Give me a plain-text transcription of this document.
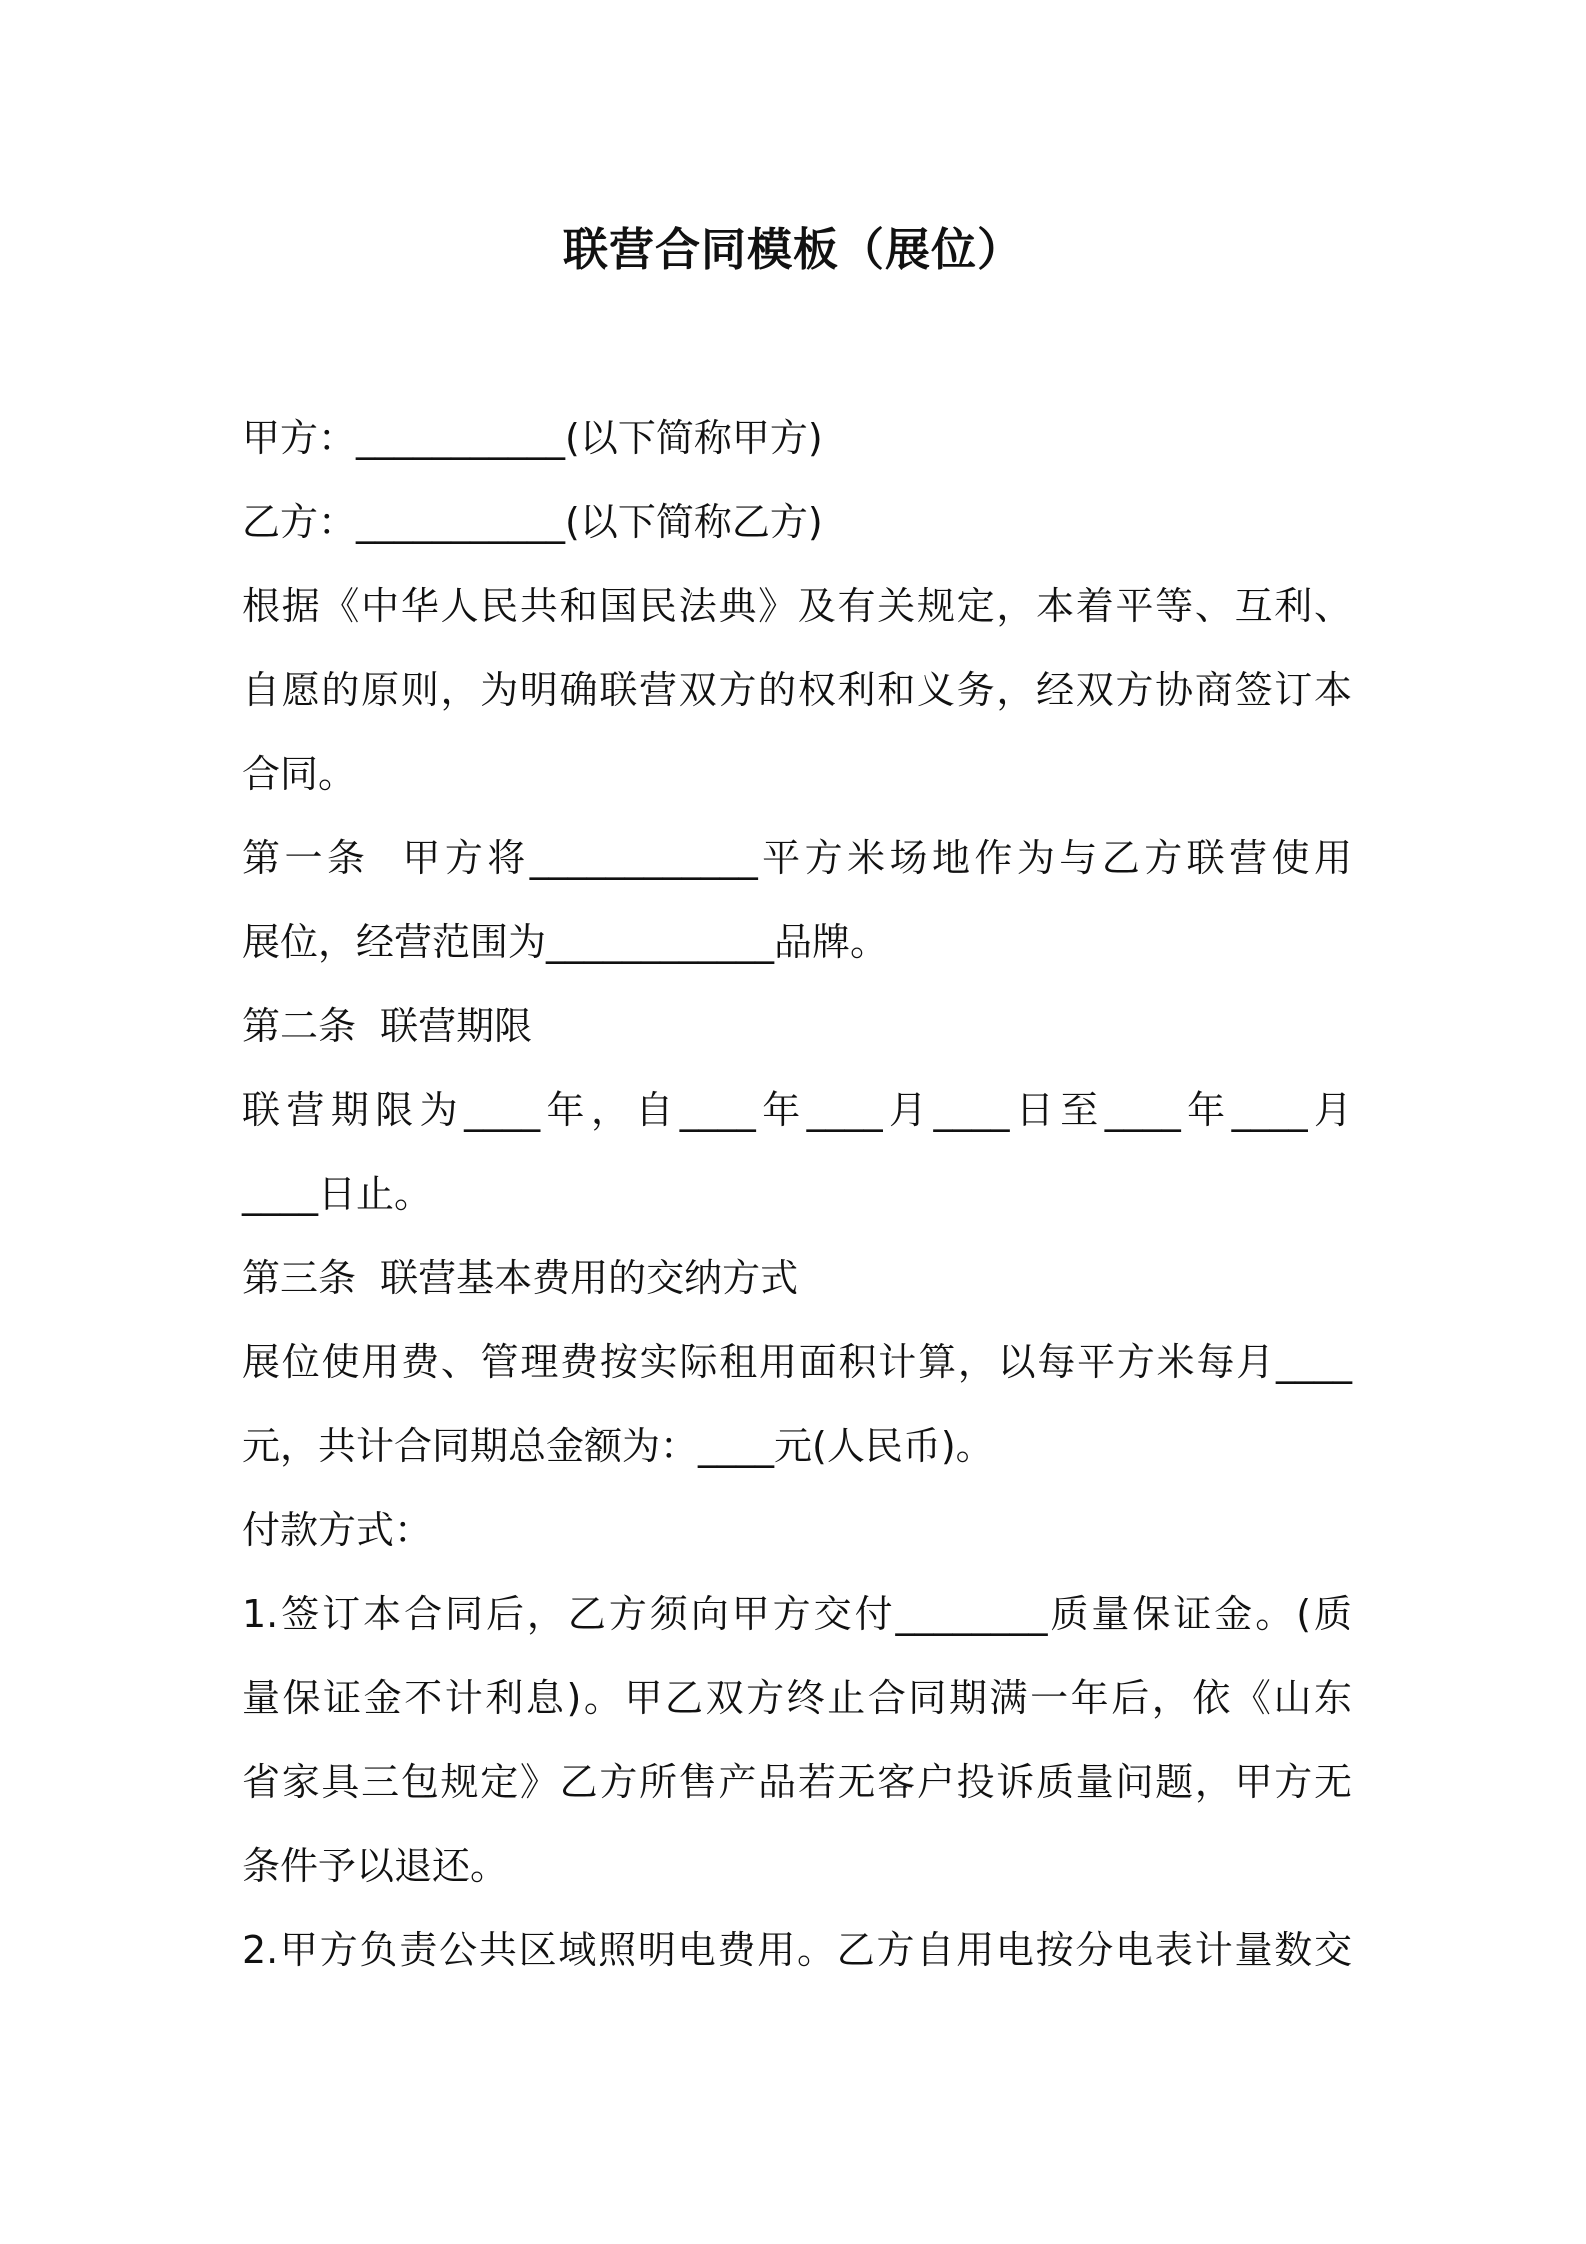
联营合同模板（展位）

甲方：___________(以下简称甲方)

乙方：___________(以下简称乙方)

根据《中华人民共和国民法典》及有关规定，本着平等、互利、

自愿的原则，为明确联营双方的权利和义务，经双方协商签订本

合同。

第一条  甲方将____________平方米场地作为与乙方联营使用

展位，经营范围为____________品牌。

第二条  联营期限

联营期限为____年，自____年____月____日至____年____月

____日止。

第三条  联营基本费用的交纳方式

展位使用费、管理费按实际租用面积计算，以每平方米每月____

元，共计合同期总金额为：____元(人民币)。

付款方式：

1.签订本合同后，乙方须向甲方交付________质量保证金。(质

量保证金不计利息)。甲乙双方终止合同期满一年后，依《山东

省家具三包规定》乙方所售产品若无客户投诉质量问题，甲方无

条件予以退还。

2.甲方负责公共区域照明电费用。乙方自用电按分电表计量数交
